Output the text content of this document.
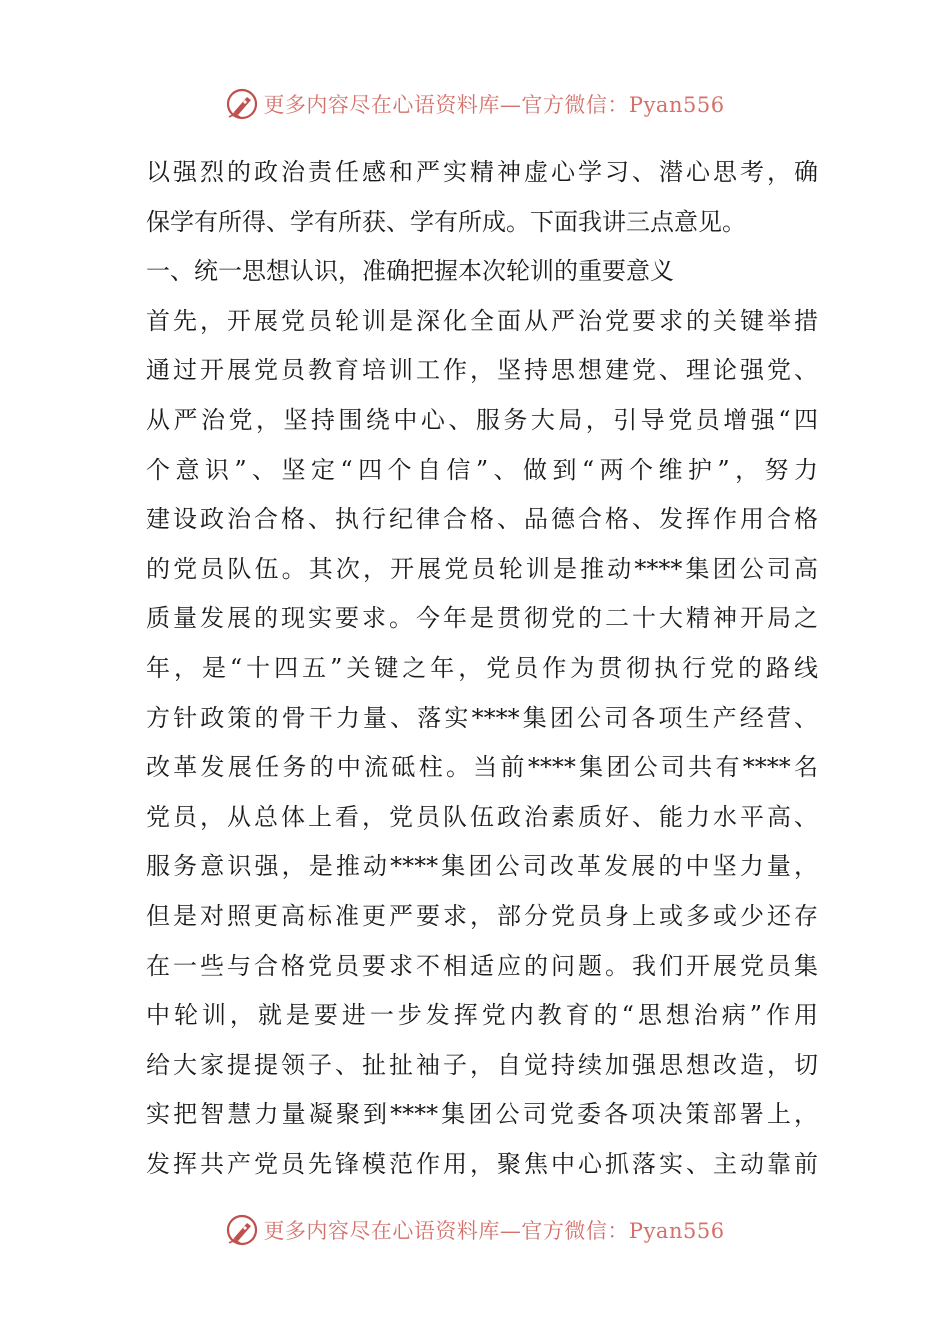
更多内容尽在心语资料库—官方微信：Pyan556
以强烈的政治责任感和严实精神虚心学习、潜心思考，确
保学有所得、学有所获、学有所成。下面我讲三点意见。
一、统一思想认识，准确把握本次轮训的重要意义
首先，开展党员轮训是深化全面从严治党要求的关键举措
通过开展党员教育培训工作，坚持思想建党、理论强党、
从严治党，坚持围绕中心、服务大局，引导党员增强“四
个意识”、坚定“四个自信”、做到“两个维护”，努力
建设政治合格、执行纪律合格、品德合格、发挥作用合格
的党员队伍。其次，开展党员轮训是推动****集团公司高
质量发展的现实要求。今年是贯彻党的二十大精神开局之
年，是“十四五”关键之年，党员作为贯彻执行党的路线
方针政策的骨干力量、落实****集团公司各项生产经营、
改革发展任务的中流砥柱。当前****集团公司共有****名
党员，从总体上看，党员队伍政治素质好、能力水平高、
服务意识强，是推动****集团公司改革发展的中坚力量，
但是对照更高标准更严要求，部分党员身上或多或少还存
在一些与合格党员要求不相适应的问题。我们开展党员集
中轮训，就是要进一步发挥党内教育的“思想治病”作用
给大家提提领子、扯扯袖子，自觉持续加强思想改造，切
实把智慧力量凝聚到****集团公司党委各项决策部署上，
发挥共产党员先锋模范作用，聚焦中心抓落实、主动靠前
更多内容尽在心语资料库—官方微信：Pyan556
